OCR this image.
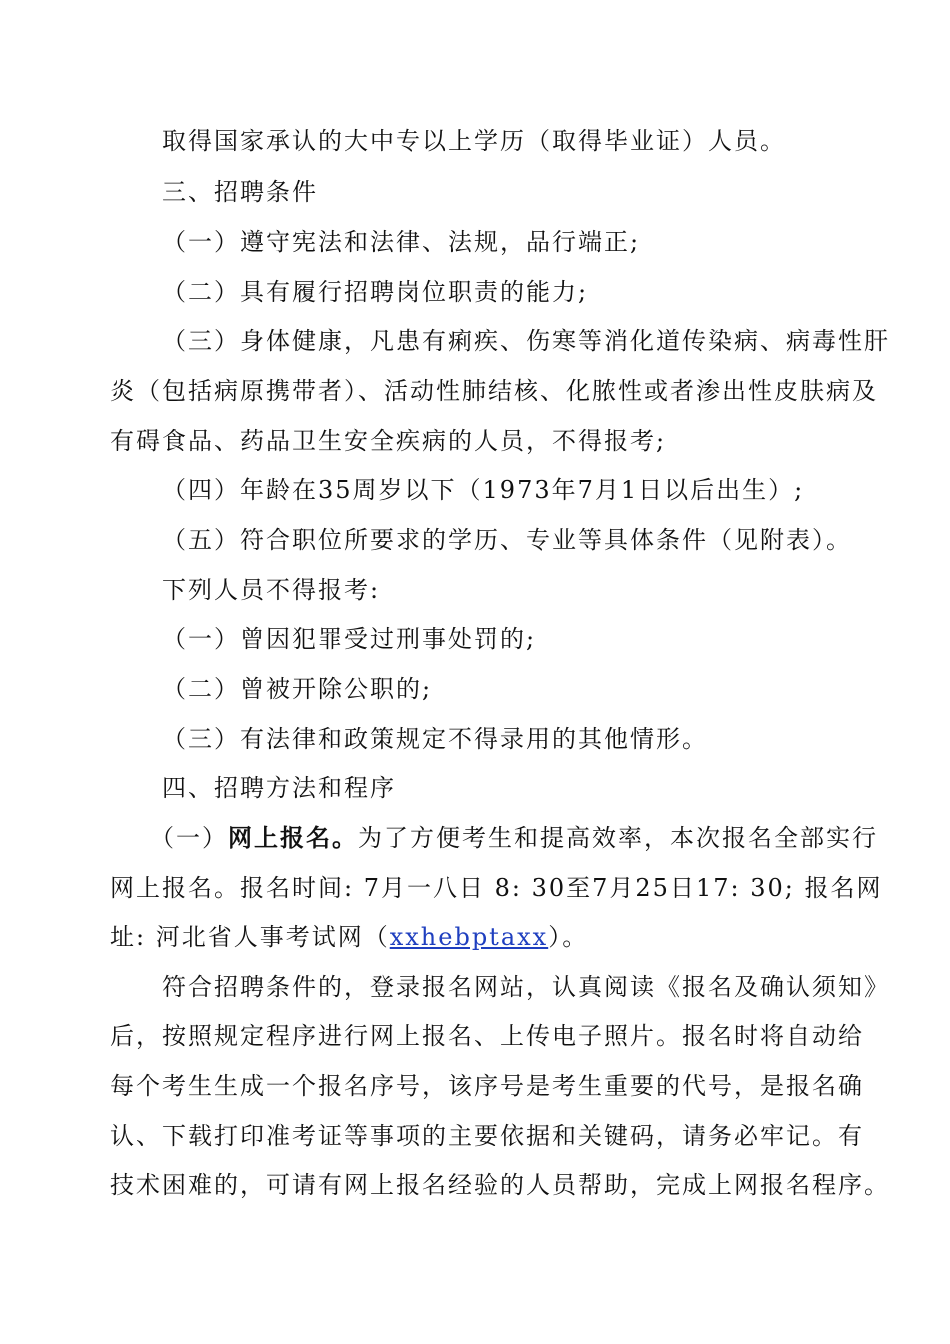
取得国家承认的大中专以上学历（取得毕业证）人员。
三、招聘条件
（一）遵守宪法和法律、法规，品行端正;
（二）具有履行招聘岗位职责的能力;
（三）身体健康，凡患有痢疾、伤寒等消化道传染病、病毒性肝
炎（包括病原携带者）、活动性肺结核、化脓性或者渗出性皮肤病及
有碍食品、药品卫生安全疾病的人员，不得报考;
（四）年龄在35周岁以下（1973年7月1日以后出生）;
（五）符合职位所要求的学历、专业等具体条件（见附表）。
下列人员不得报考:
（一）曾因犯罪受过刑事处罚的;
（二）曾被开除公职的;
（三）有法律和政策规定不得录用的其他情形。
四、招聘方法和程序
（一）网上报名。为了方便考生和提高效率，本次报名全部实行
网上报名。报名时间: 7月一八日 8: 30至7月25日17: 30; 报名网
址: 河北省人事考试网（xxhebptaxx）。
符合招聘条件的，登录报名网站，认真阅读《报名及确认须知》
后，按照规定程序进行网上报名、上传电子照片。报名时将自动给
每个考生生成一个报名序号，该序号是考生重要的代号，是报名确
认、下载打印准考证等事项的主要依据和关键码，请务必牢记。有
技术困难的，可请有网上报名经验的人员帮助，完成上网报名程序。
